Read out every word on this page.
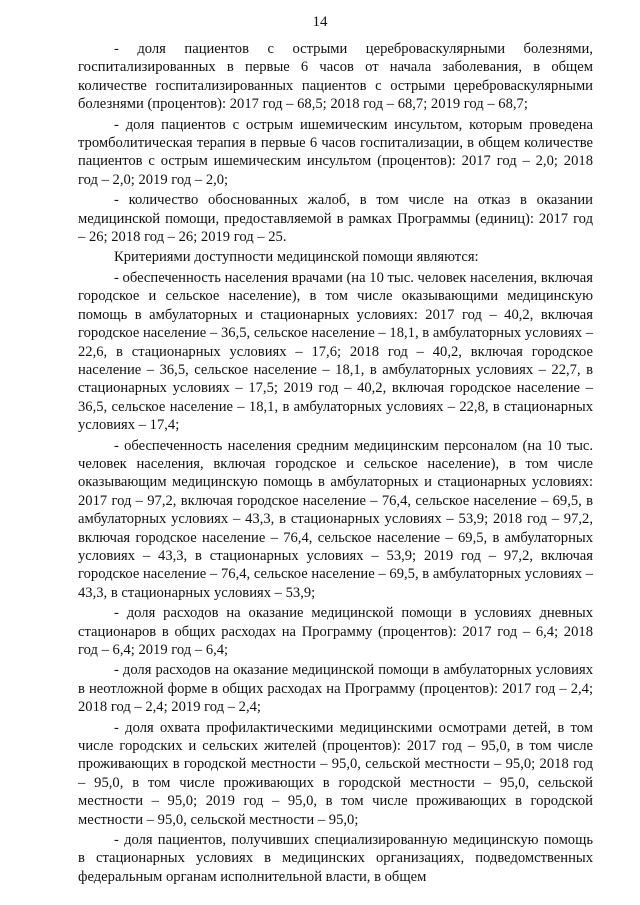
14

- доля пациентов с острыми цереброваскулярными болезнями, госпитализированных в первые 6 часов от начала заболевания, в общем количестве госпитализированных пациентов с острыми цереброваскулярными болезнями (процентов): 2017 год – 68,5; 2018 год – 68,7; 2019 год – 68,7;

- доля пациентов с острым ишемическим инсультом, которым проведена тромболитическая терапия в первые 6 часов госпитализации, в общем количестве пациентов с острым ишемическим инсультом (процентов): 2017 год – 2,0; 2018 год – 2,0; 2019 год – 2,0;

- количество обоснованных жалоб, в том числе на отказ в оказании медицинской помощи, предоставляемой в рамках Программы (единиц): 2017 год – 26; 2018 год – 26; 2019 год – 25.

Критериями доступности медицинской помощи являются:

- обеспеченность населения врачами (на 10 тыс. человек населения, включая городское и сельское население), в том числе оказывающими медицинскую помощь в амбулаторных и стационарных условиях: 2017 год – 40,2, включая городское население – 36,5, сельское население – 18,1, в амбулаторных условиях – 22,6, в стационарных условиях – 17,6; 2018 год – 40,2, включая городское население – 36,5, сельское население – 18,1, в амбулаторных условиях – 22,7, в стационарных условиях – 17,5; 2019 год – 40,2, включая городское население – 36,5, сельское население – 18,1, в амбулаторных условиях – 22,8, в стационарных условиях – 17,4;

- обеспеченность населения средним медицинским персоналом (на 10 тыс. человек населения, включая городское и сельское население), в том числе оказывающим медицинскую помощь в амбулаторных и стационарных условиях: 2017 год – 97,2, включая городское население – 76,4, сельское население – 69,5, в амбулаторных условиях – 43,3, в стационарных условиях – 53,9; 2018 год – 97,2, включая городское население – 76,4, сельское население – 69,5, в амбулаторных условиях – 43,3, в стационарных условиях – 53,9; 2019 год – 97,2, включая городское население – 76,4, сельское население – 69,5, в амбулаторных условиях – 43,3, в стационарных условиях – 53,9;

- доля расходов на оказание медицинской помощи в условиях дневных стационаров в общих расходах на Программу (процентов): 2017 год – 6,4; 2018 год – 6,4; 2019 год – 6,4;

- доля расходов на оказание медицинской помощи в амбулаторных условиях в неотложной форме в общих расходах на Программу (процентов): 2017 год – 2,4; 2018 год – 2,4; 2019 год – 2,4;

- доля охвата профилактическими медицинскими осмотрами детей, в том числе городских и сельских жителей (процентов): 2017 год – 95,0, в том числе проживающих в городской местности – 95,0, сельской местности – 95,0; 2018 год – 95,0, в том числе проживающих в городской местности – 95,0, сельской местности – 95,0; 2019 год – 95,0, в том числе проживающих в городской местности – 95,0, сельской местности – 95,0;

- доля пациентов, получивших специализированную медицинскую помощь в стационарных условиях в медицинских организациях, подведомственных федеральным органам исполнительной власти, в общем
